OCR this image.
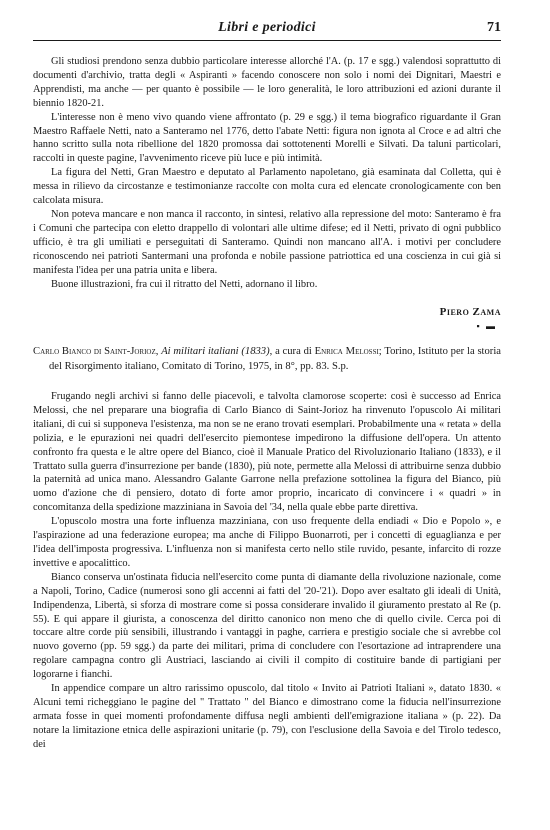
Libri e periodici	71

Gli studiosi prendono senza dubbio particolare interesse allorché l'A. (p. 17 e sgg.) valendosi soprattutto di documenti d'archivio, tratta degli « Aspiranti » facendo conoscere non solo i nomi dei Dignitari, Maestri e Apprendisti, ma anche — per quanto è possibile — le loro generalità, le loro attribuzioni ed azioni durante il biennio 1820-21.

L'interesse non è meno vivo quando viene affrontato (p. 29 e sgg.) il tema biografico riguardante il Gran Maestro Raffaele Netti, nato a Santeramo nel 1776, detto l'abate Netti: figura non ignota al Croce e ad altri che hanno scritto sulla nota ribellione del 1820 promossa dai sottotenenti Morelli e Silvati. Da taluni particolari, raccolti in queste pagine, l'avvenimento riceve più luce e più intimità.

La figura del Netti, Gran Maestro e deputato al Parlamento napoletano, già esaminata dal Colletta, qui è messa in rilievo da circostanze e testimonianze raccolte con molta cura ed elencate cronologicamente con ben calcolata misura.

Non poteva mancare e non manca il racconto, in sintesi, relativo alla repressione del moto: Santeramo è fra i Comuni che partecipa con eletto drappello di volontari alle ultime difese; ed il Netti, privato di ogni pubblico ufficio, è tra gli umiliati e perseguitati di Santeramo. Quindi non mancano all'A. i motivi per concludere riconoscendo nei patrioti Santermani una profonda e nobile passione patriottica ed una coscienza in cui già si manifesta l'idea per una patria unita e libera.

Buone illustrazioni, fra cui il ritratto del Netti, adornano il libro.

Piero Zama
▪ ▬
Carlo Bianco di Saint-Jorioz, Ai militari italiani (1833), a cura di Enrica Melossi; Torino, Istituto per la storia del Risorgimento italiano, Comitato di Torino, 1975, in 8°, pp. 83. S.p.

Frugando negli archivi si fanno delle piacevoli, e talvolta clamorose scoperte: così è successo ad Enrica Melossi, che nel preparare una biografia di Carlo Bianco di Saint-Jorioz ha rinvenuto l'opuscolo Ai militari italiani, di cui si supponeva l'esistenza, ma non se ne erano trovati esemplari. Probabilmente una « retata » della polizia, e le epurazioni nei quadri dell'esercito piemontese impedirono la diffusione dell'opera. Un attento confronto fra questa e le altre opere del Bianco, cioè il Manuale Pratico del Rivoluzionario Italiano (1833), e il Trattato sulla guerra d'insurrezione per bande (1830), più note, permette alla Melossi di attribuirne senza dubbio la paternità ad unica mano. Alessandro Galante Garrone nella prefazione sottolinea la figura del Bianco, più uomo d'azione che di pensiero, dotato di forte amor proprio, incaricato di convincere i « quadri » in concomitanza della spedizione mazziniana in Savoia del '34, nella quale ebbe parte direttiva.

L'opuscolo mostra una forte influenza mazziniana, con uso frequente della endiadi « Dio e Popolo », e l'aspirazione ad una federazione europea; ma anche di Filippo Buonarroti, per i concetti di eguaglianza e per l'idea dell'imposta progressiva. L'influenza non si manifesta certo nello stile ruvido, pesante, infarcito di rozze invettive e apocalittico.

Bianco conserva un'ostinata fiducia nell'esercito come punta di diamante della rivoluzione nazionale, come a Napoli, Torino, Cadice (numerosi sono gli accenni ai fatti del '20-'21). Dopo aver esaltato gli ideali di Unità, Indipendenza, Libertà, si sforza di mostrare come si possa considerare invalido il giuramento prestato al Re (p. 55). E qui appare il giurista, a conoscenza del diritto canonico non meno che di quello civile. Cerca poi di toccare altre corde più sensibili, illustrando i vantaggi in paghe, carriera e prestigio sociale che si avrebbe col nuovo governo (pp. 59 sgg.) da parte dei militari, prima di concludere con l'esortazione ad intraprendere una regolare campagna contro gli Austriaci, lasciando ai civili il compito di costituire bande di partigiani per logorarne i fianchi.

In appendice compare un altro rarissimo opuscolo, dal titolo « Invito ai Patrioti Italiani », datato 1830. « Alcuni temi richeggiano le pagine del " Trattato " del Bianco e dimostrano come la fiducia nell'insurrezione armata fosse in quei momenti profondamente diffusa negli ambienti dell'emigrazione italiana » (p. 22). Da notare la limitazione etnica delle aspirazioni unitarie (p. 79), con l'esclusione della Savoia e del Tirolo tedesco, dei
